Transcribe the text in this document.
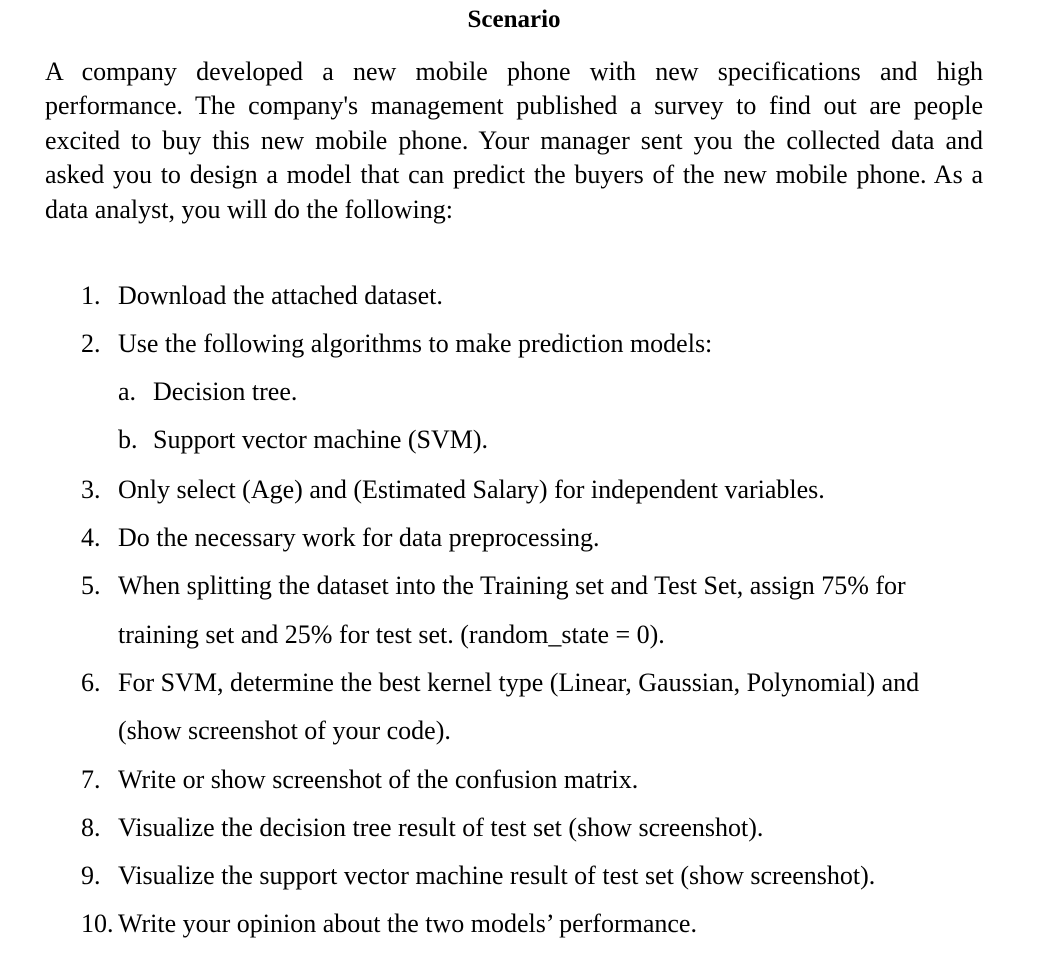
Scenario

A company developed a new mobile phone with new specifications and high performance. The company's management published a survey to find out are people excited to buy this new mobile phone. Your manager sent you the collected data and asked you to design a model that can predict the buyers of the new mobile phone. As a data analyst, you will do the following:

1. Download the attached dataset.
2. Use the following algorithms to make prediction models:
a. Decision tree.
b. Support vector machine (SVM).
3. Only select (Age) and (Estimated Salary) for independent variables.
4. Do the necessary work for data preprocessing.
5. When splitting the dataset into the Training set and Test Set, assign 75% for
training set and 25% for test set. (random_state = 0).
6. For SVM, determine the best kernel type (Linear, Gaussian, Polynomial) and
(show screenshot of your code).
7. Write or show screenshot of the confusion matrix.
8. Visualize the decision tree result of test set (show screenshot).
9. Visualize the support vector machine result of test set (show screenshot).
10. Write your opinion about the two models’ performance.
